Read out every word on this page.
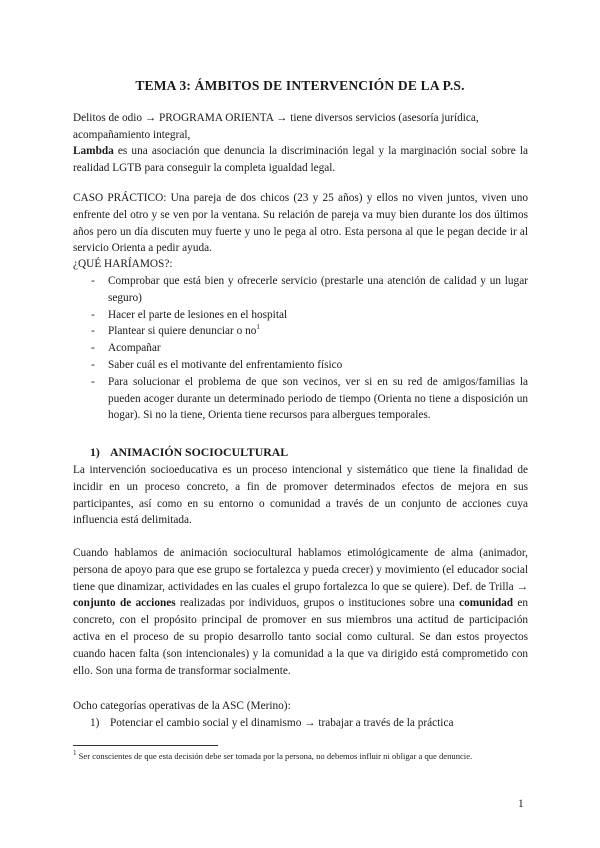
TEMA 3: ÁMBITOS DE INTERVENCIÓN DE LA P.S.
Delitos de odio → PROGRAMA ORIENTA → tiene diversos servicios (asesoría jurídica, acompañamiento integral,
Lambda es una asociación que denuncia la discriminación legal y la marginación social sobre la realidad LGTB para conseguir la completa igualdad legal.
CASO PRÁCTICO: Una pareja de dos chicos (23 y 25 años) y ellos no viven juntos, viven uno enfrente del otro y se ven por la ventana. Su relación de pareja va muy bien durante los dos últimos años pero un día discuten muy fuerte y uno le pega al otro. Esta persona al que le pegan decide ir al servicio Orienta a pedir ayuda.
¿QUÉ HARÍAMOS?:
- Comprobar que está bien y ofrecerle servicio (prestarle una atención de calidad y un lugar seguro)
- Hacer el parte de lesiones en el hospital
- Plantear si quiere denunciar o $no^1$
- Acompañar
- Saber cuál es el motivante del enfrentamiento físico
- Para solucionar el problema de que son vecinos, ver si en su red de amigos/familias la pueden acoger durante un determinado periodo de tiempo (Orienta no tiene a disposición un hogar). Si no la tiene, Orienta tiene recursos para albergues temporales.
1) ANIMACIÓN SOCIOCULTURAL
La intervención socioeducativa es un proceso intencional y sistemático que tiene la finalidad de incidir en un proceso concreto, a fin de promover determinados efectos de mejora en sus participantes, así como en su entorno o comunidad a través de un conjunto de acciones cuya influencia está delimitada.
Cuando hablamos de animación sociocultural hablamos etimológicamente de alma (animador, persona de apoyo para que ese grupo se fortalezca y pueda crecer) y movimiento (el educador social tiene que dinamizar, actividades en las cuales el grupo fortalezca lo que se quiere). Def. de Trilla → conjunto de acciones realizadas por individuos, grupos o instituciones sobre una comunidad en concreto, con el propósito principal de promover en sus miembros una actitud de participación activa en el proceso de su propio desarrollo tanto social como cultural. Se dan estos proyectos cuando hacen falta (son intencionales) y la comunidad a la que va dirigido está comprometido con ello. Son una forma de transformar socialmente.
Ocho categorías operativas de la ASC (Merino):
1) Potenciar el cambio social y el dinamismo → trabajar a través de la práctica
$^1$ Ser conscientes de que esta decisión debe ser tomada por la persona, no debemos influir ni obligar a que denuncie.
1
